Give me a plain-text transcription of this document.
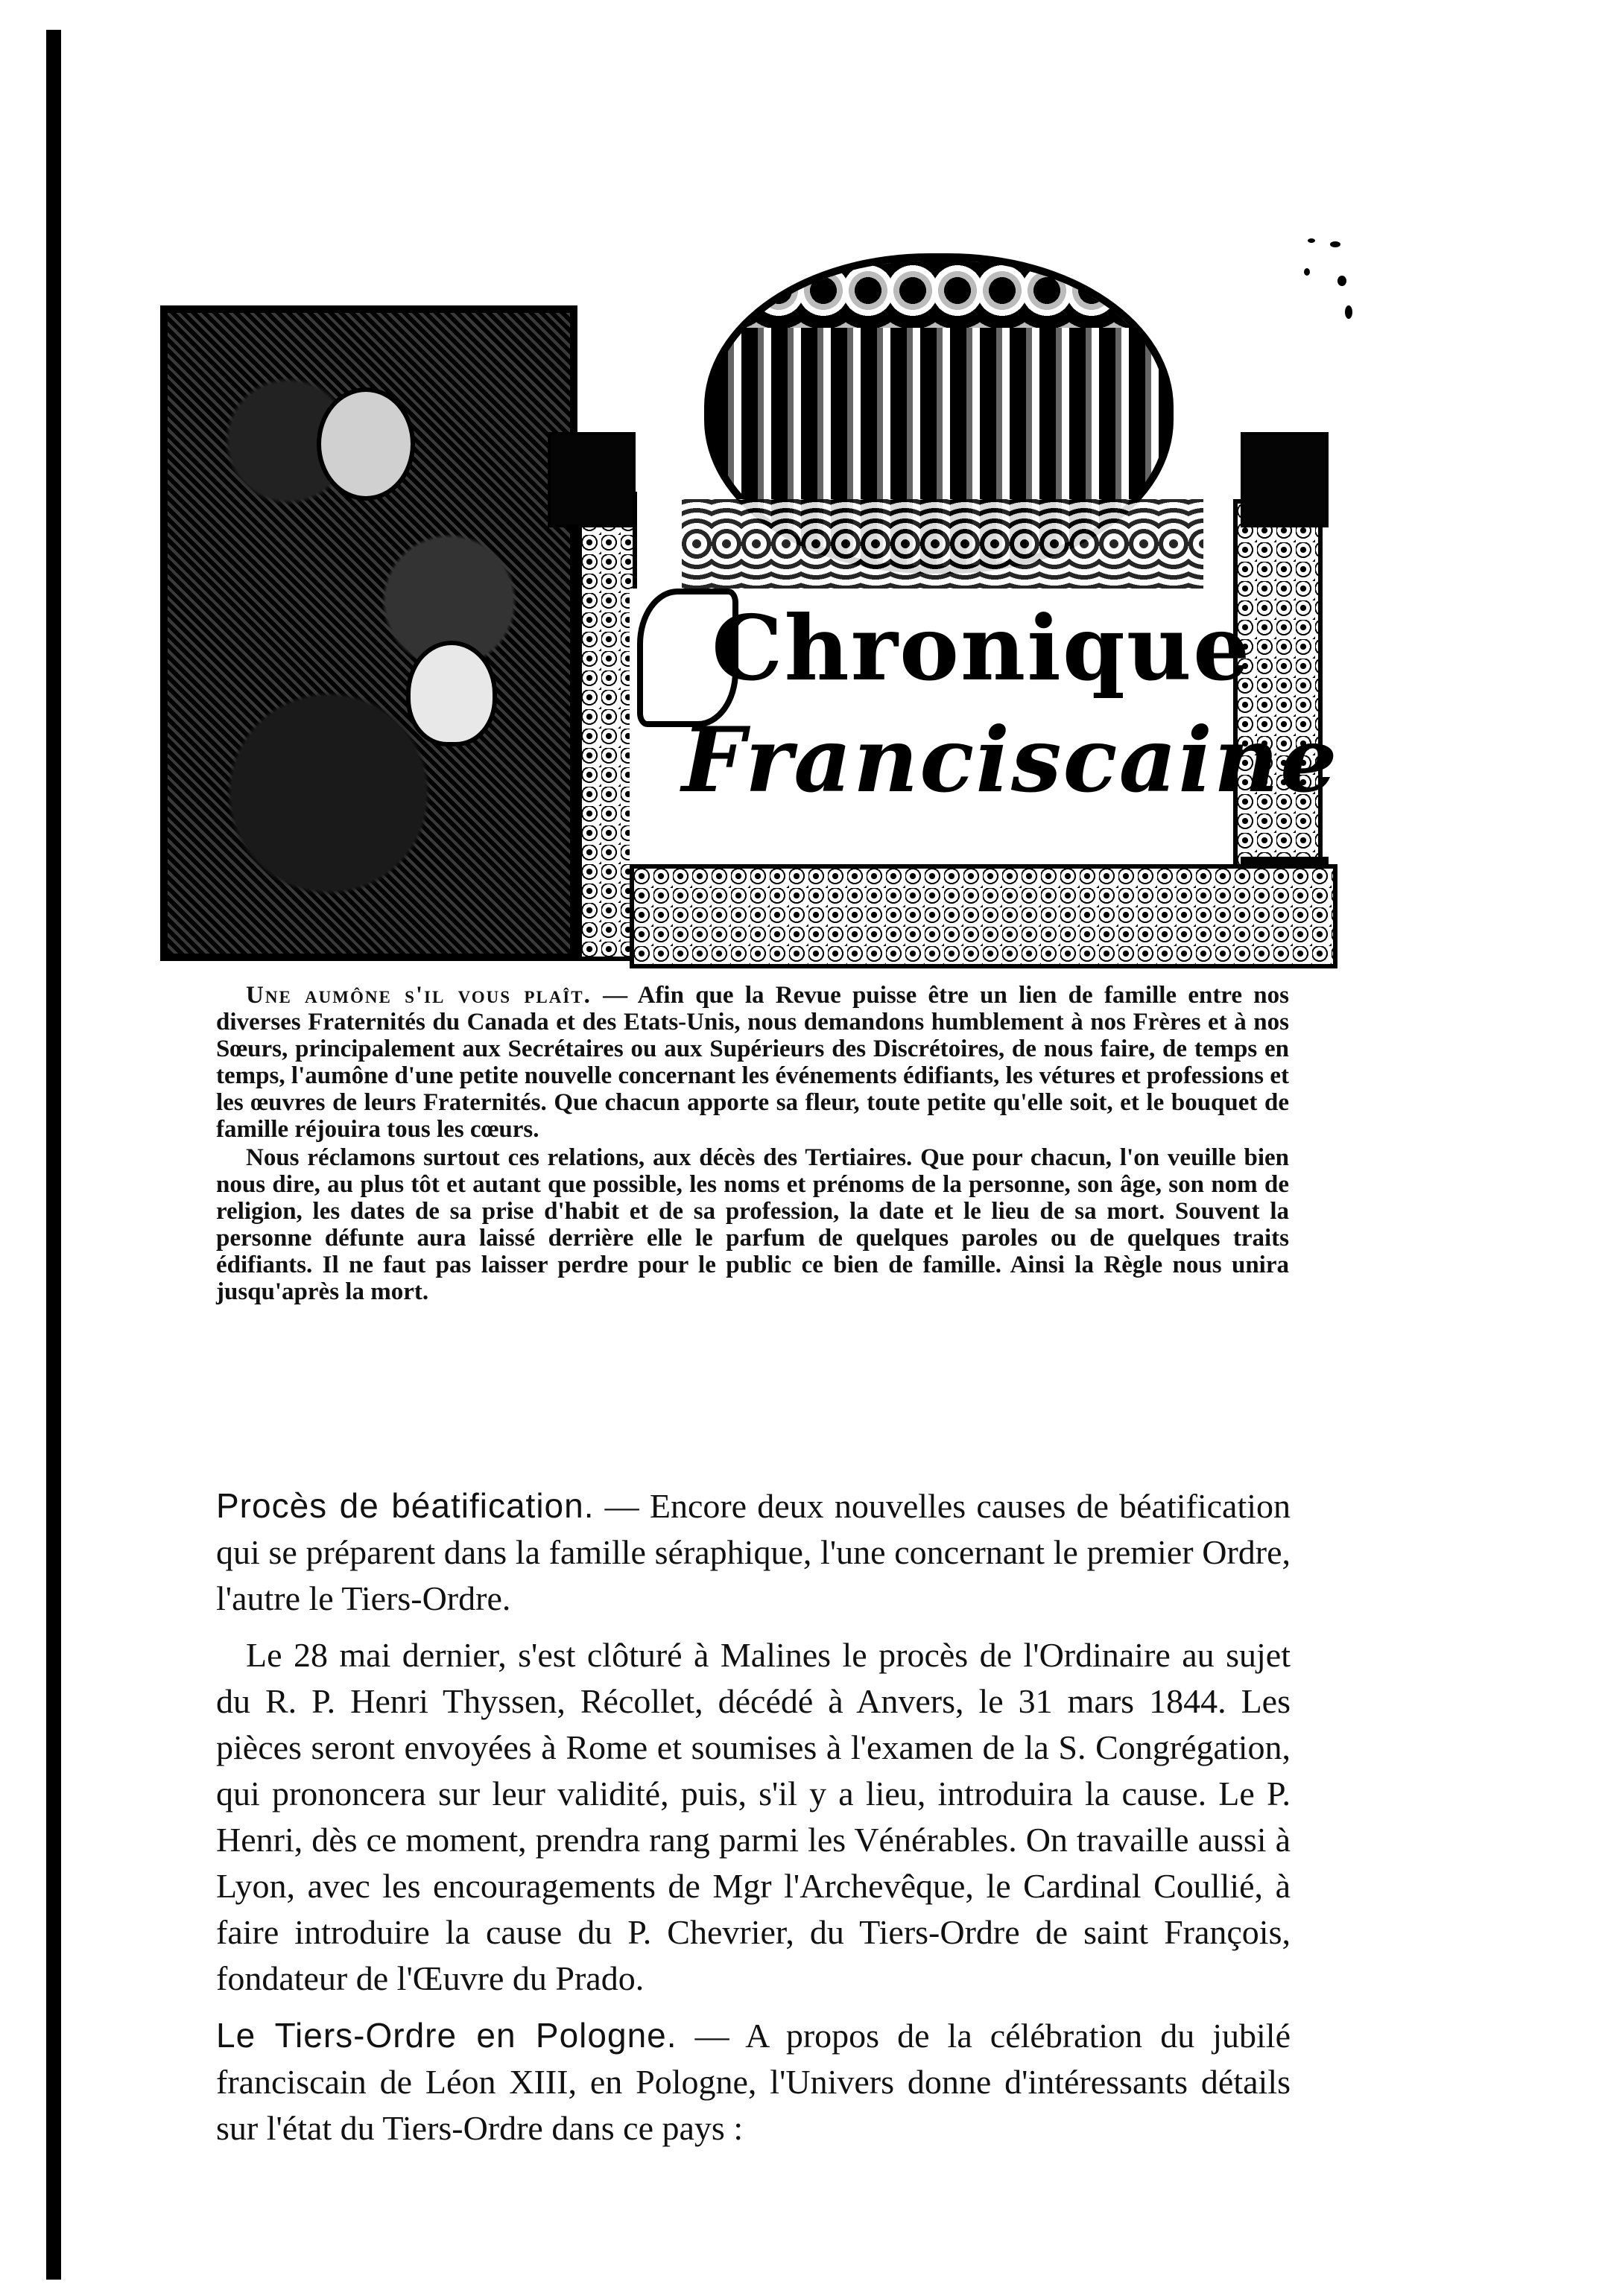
Chronique
Franciscaine

Une aumône s'il vous plaît. — Afin que la Revue puisse être un lien de famille entre nos diverses Fraternités du Canada et des Etats-Unis, nous demandons humblement à nos Frères et à nos Sœurs, principalement aux Secrétaires ou aux Supérieurs des Discrétoires, de nous faire, de temps en temps, l'aumône d'une petite nouvelle concernant les événements édifiants, les vétures et professions et les œuvres de leurs Fraternités. Que chacun apporte sa fleur, toute petite qu'elle soit, et le bouquet de famille réjouira tous les cœurs.

Nous réclamons surtout ces relations, aux décès des Tertiaires. Que pour chacun, l'on veuille bien nous dire, au plus tôt et autant que possible, les noms et prénoms de la personne, son âge, son nom de religion, les dates de sa prise d'habit et de sa profession, la date et le lieu de sa mort. Souvent la personne défunte aura laissé derrière elle le parfum de quelques paroles ou de quelques traits édifiants. Il ne faut pas laisser perdre pour le public ce bien de famille. Ainsi la Règle nous unira jusqu'après la mort.

Procès de béatification. — Encore deux nouvelles causes de béatification qui se préparent dans la famille séraphique, l'une concernant le premier Ordre, l'autre le Tiers-Ordre.

Le 28 mai dernier, s'est clôturé à Malines le procès de l'Ordinaire au sujet du R. P. Henri Thyssen, Récollet, décédé à Anvers, le 31 mars 1844. Les pièces seront envoyées à Rome et soumises à l'examen de la S. Congrégation, qui prononcera sur leur validité, puis, s'il y a lieu, introduira la cause. Le P. Henri, dès ce moment, prendra rang parmi les Vénérables. On travaille aussi à Lyon, avec les encouragements de Mgr l'Archevêque, le Cardinal Coullié, à faire introduire la cause du P. Chevrier, du Tiers-Ordre de saint François, fondateur de l'Œuvre du Prado.

Le Tiers-Ordre en Pologne. — A propos de la célébration du jubilé franciscain de Léon XIII, en Pologne, l'Univers donne d'intéressants détails sur l'état du Tiers-Ordre dans ce pays :
